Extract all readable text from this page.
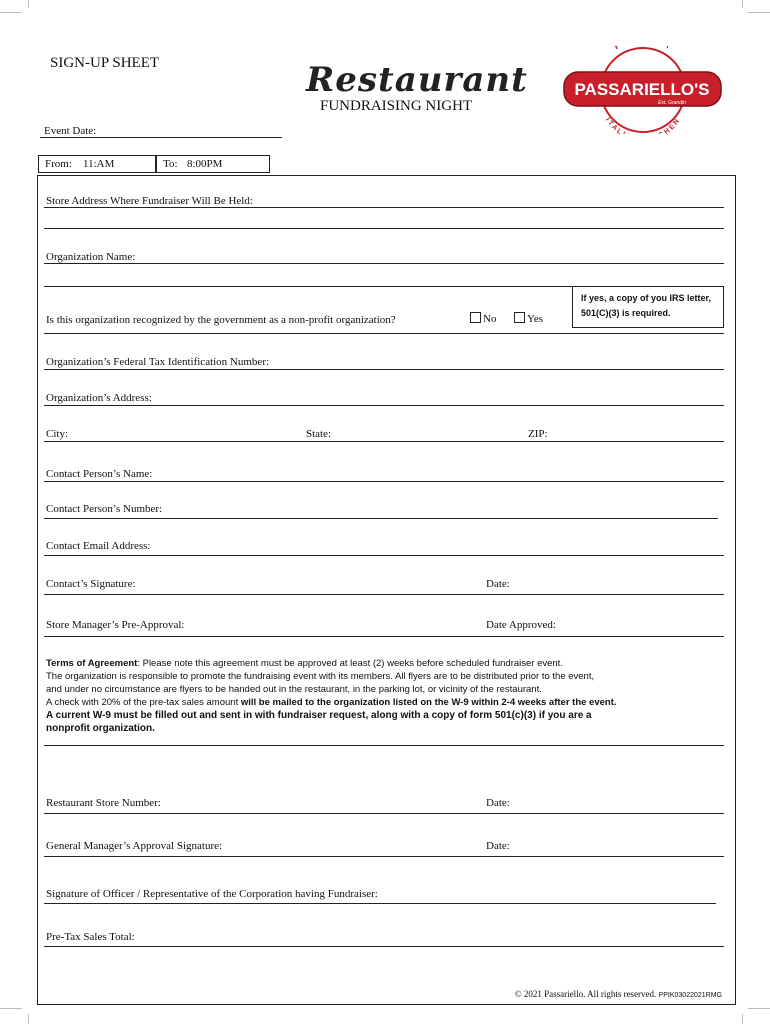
SIGN-UP SHEET	Restaurant
FUNDRAISING NIGHT
ITAL HEN
PASSARIELLO'S
Est. Grandin
Event Date:
From: 11:AM	To: 8:00PM
Store Address Where Fundraiser Will Be Held:
Organization Name:
Is this organization recognized by the government as a non-profit organization?	No	Yes
If yes, a copy of you IRS letter, 501(C)(3) is required.
Organization’s Federal Tax Identification Number:
Organization’s Address:
City:	State:	ZIP:
Contact Person’s Name:
Contact Person’s Number:
Contact Email Address:
Contact’s Signature:	Date:
Store Manager’s Pre-Approval:	Date Approved:
Terms of Agreement: Please note this agreement must be approved at least (2) weeks before scheduled fundraiser event.
The organization is responsible to promote the fundraising event with its members. All flyers are to be distributed prior to the event,
and under no circumstance are flyers to be handed out in the restaurant, in the parking lot, or vicinity of the restaurant.
A check with 20% of the pre-tax sales amount will be mailed to the organization listed on the W-9 within 2-4 weeks after the event.
A current W-9 must be filled out and sent in with fundraiser request, along with a copy of form 501(c)(3) if you are a
nonprofit organization.
Restaurant Store Number:	Date:
General Manager’s Approval Signature:	Date:
Signature of Officer / Representative of the Corporation having Fundraiser:
Pre-Tax Sales Total:
© 2021 Passariello. All rights reserved. PPIK03022021RMG
